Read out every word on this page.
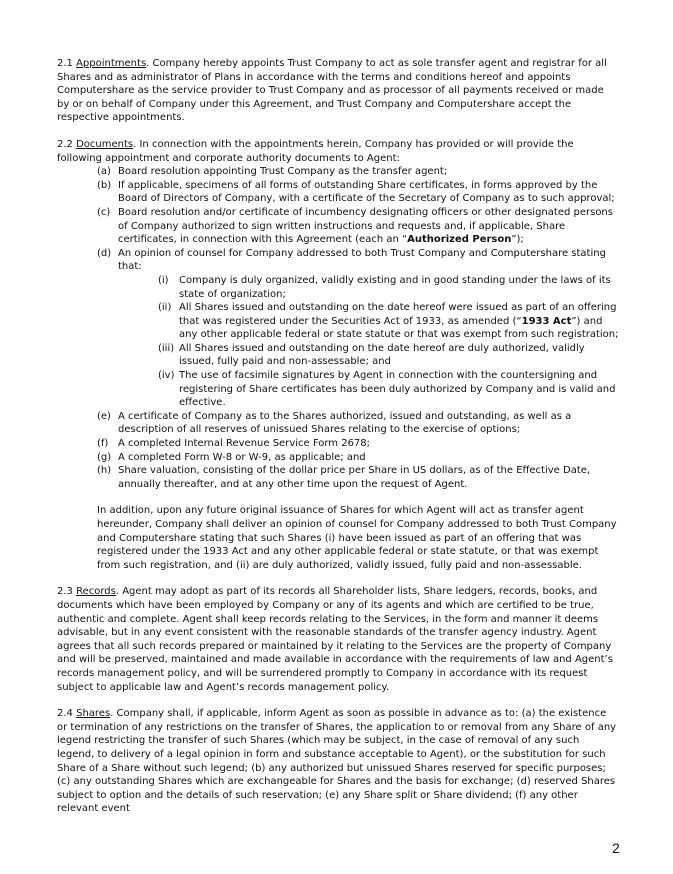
2.1 Appointments. Company hereby appoints Trust Company to act as sole transfer agent and registrar for all Shares and as administrator of Plans in accordance with the terms and conditions hereof and appoints Computershare as the service provider to Trust Company and as processor of all payments received or made by or on behalf of Company under this Agreement, and Trust Company and Computershare accept the respective appointments.

2.2 Documents. In connection with the appointments herein, Company has provided or will provide the following appointment and corporate authority documents to Agent:

(a) Board resolution appointing Trust Company as the transfer agent;
(b) If applicable, specimens of all forms of outstanding Share certificates, in forms approved by the Board of Directors of Company, with a certificate of the Secretary of Company as to such approval;
(c) Board resolution and/or certificate of incumbency designating officers or other designated persons of Company authorized to sign written instructions and requests and, if applicable, Share certificates, in connection with this Agreement (each an “Authorized Person”);
(d) An opinion of counsel for Company addressed to both Trust Company and Computershare stating that:
(i) Company is duly organized, validly existing and in good standing under the laws of its state of organization;
(ii) All Shares issued and outstanding on the date hereof were issued as part of an offering that was registered under the Securities Act of 1933, as amended (“1933 Act”) and any other applicable federal or state statute or that was exempt from such registration;
(iii) All Shares issued and outstanding on the date hereof are duly authorized, validly issued, fully paid and non-assessable; and
(iv) The use of facsimile signatures by Agent in connection with the countersigning and registering of Share certificates has been duly authorized by Company and is valid and effective.
(e) A certificate of Company as to the Shares authorized, issued and outstanding, as well as a description of all reserves of unissued Shares relating to the exercise of options;
(f) A completed Internal Revenue Service Form 2678;
(g) A completed Form W-8 or W-9, as applicable; and
(h) Share valuation, consisting of the dollar price per Share in US dollars, as of the Effective Date, annually thereafter, and at any other time upon the request of Agent.

In addition, upon any future original issuance of Shares for which Agent will act as transfer agent hereunder, Company shall deliver an opinion of counsel for Company addressed to both Trust Company and Computershare stating that such Shares (i) have been issued as part of an offering that was registered under the 1933 Act and any other applicable federal or state statute, or that was exempt from such registration, and (ii) are duly authorized, validly issued, fully paid and non-assessable.

2.3 Records. Agent may adopt as part of its records all Shareholder lists, Share ledgers, records, books, and documents which have been employed by Company or any of its agents and which are certified to be true, authentic and complete. Agent shall keep records relating to the Services, in the form and manner it deems advisable, but in any event consistent with the reasonable standards of the transfer agency industry. Agent agrees that all such records prepared or maintained by it relating to the Services are the property of Company and will be preserved, maintained and made available in accordance with the requirements of law and Agent’s records management policy, and will be surrendered promptly to Company in accordance with its request subject to applicable law and Agent’s records management policy.

2.4 Shares. Company shall, if applicable, inform Agent as soon as possible in advance as to: (a) the existence or termination of any restrictions on the transfer of Shares, the application to or removal from any Share of any legend restricting the transfer of such Shares (which may be subject, in the case of removal of any such legend, to delivery of a legal opinion in form and substance acceptable to Agent), or the substitution for such Share of a Share without such legend; (b) any authorized but unissued Shares reserved for specific purposes; (c) any outstanding Shares which are exchangeable for Shares and the basis for exchange; (d) reserved Shares subject to option and the details of such reservation; (e) any Share split or Share dividend; (f) any other relevant event

2
